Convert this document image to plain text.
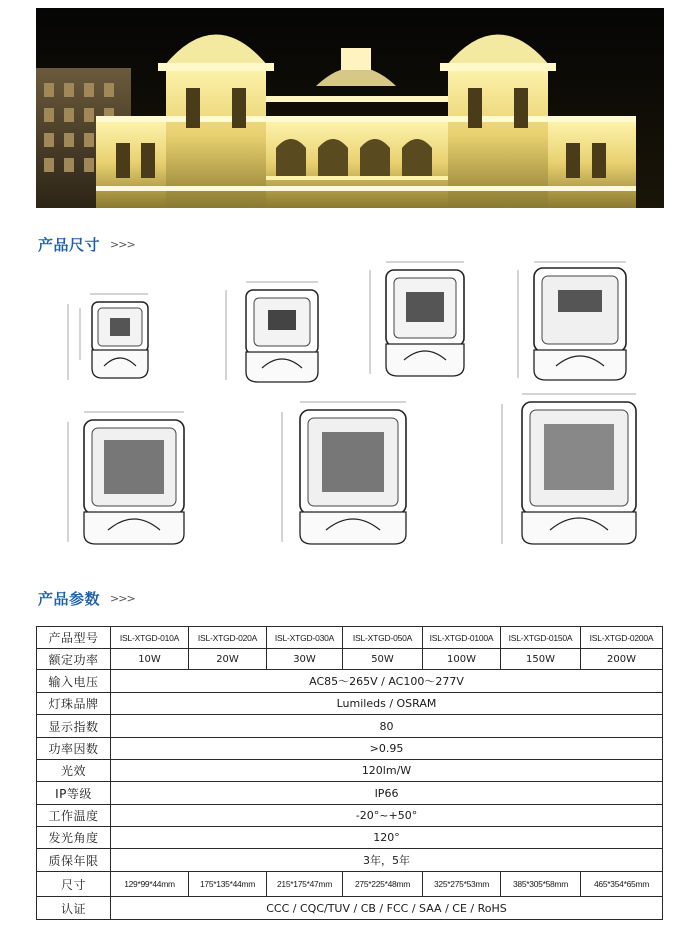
产品尺寸 >>>
产品参数 >>>
产品型号	ISL-XTGD-010A	ISL-XTGD-020A	ISL-XTGD-030A	ISL-XTGD-050A	ISL-XTGD-0100A	ISL-XTGD-0150A	ISL-XTGD-0200A
额定功率	10W	20W	30W	50W	100W	150W	200W
输入电压	AC85～265V / AC100～277V						
灯珠品牌	Lumileds / OSRAM						
显示指数	80						
功率因数	>0.95						
光效	120lm/W						
IP等级	IP66						
工作温度	-20°~+50°						
发光角度	120°						
质保年限	3年，5年						
尺寸	129*99*44mm	175*135*44mm	215*175*47mm	275*225*48mm	325*275*53mm	385*305*58mm	465*354*65mm
认证	CCC / CQC/TUV / CB / FCC / SAA / CE / RoHS						
